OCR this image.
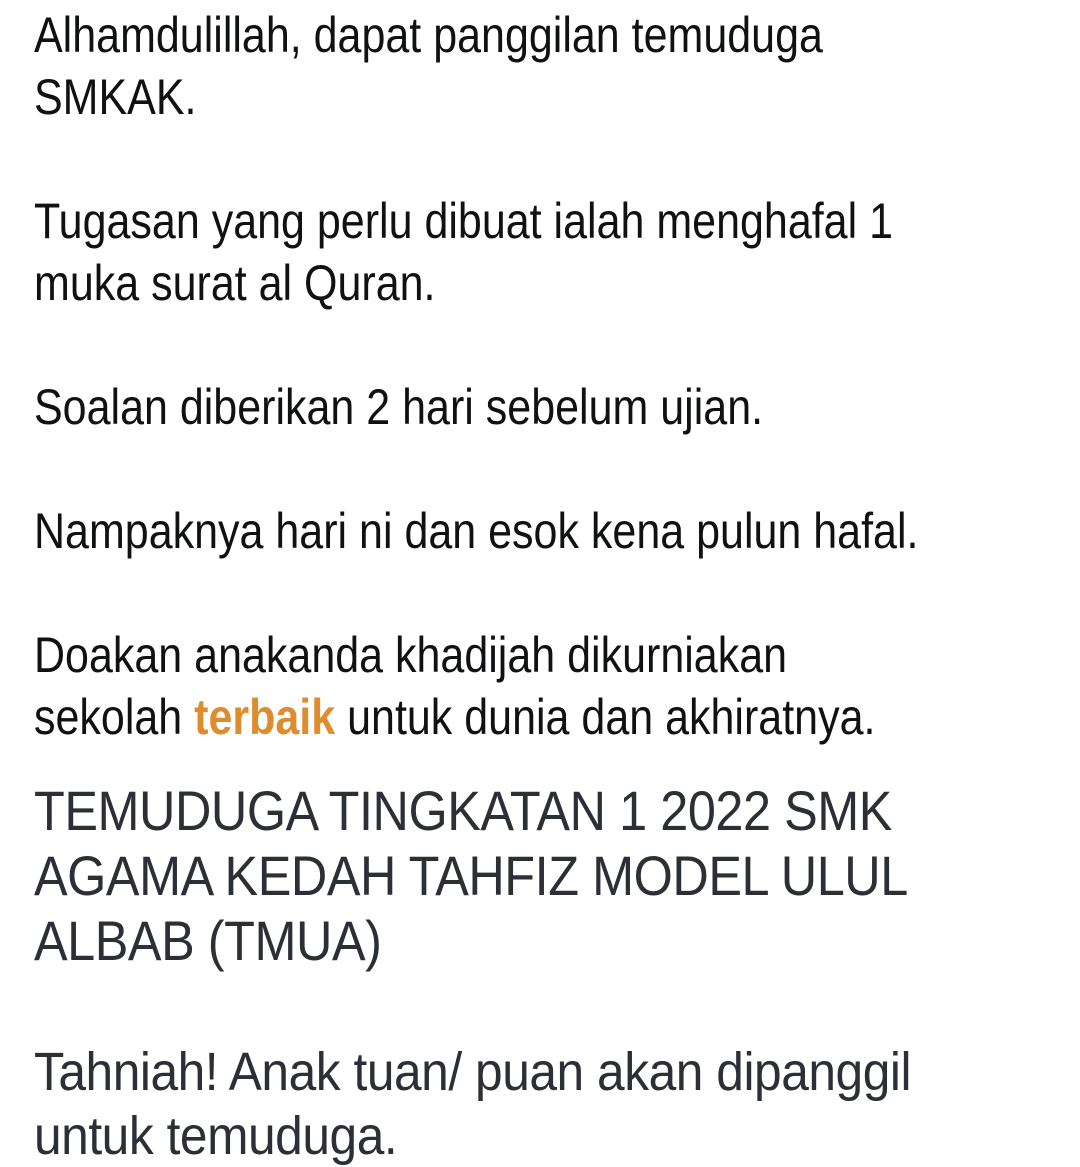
Alhamdulillah, dapat panggilan temuduga
SMKAK.

Tugasan yang perlu dibuat ialah menghafal 1
muka surat al Quran.

Soalan diberikan 2 hari sebelum ujian.

Nampaknya hari ni dan esok kena pulun hafal.

Doakan anakanda khadijah dikurniakan
sekolah terbaik untuk dunia dan akhiratnya.

TEMUDUGA TINGKATAN 1 2022 SMK
AGAMA KEDAH TAHFIZ MODEL ULUL
ALBAB (TMUA)

Tahniah! Anak tuan/ puan akan dipanggil
untuk temuduga.
